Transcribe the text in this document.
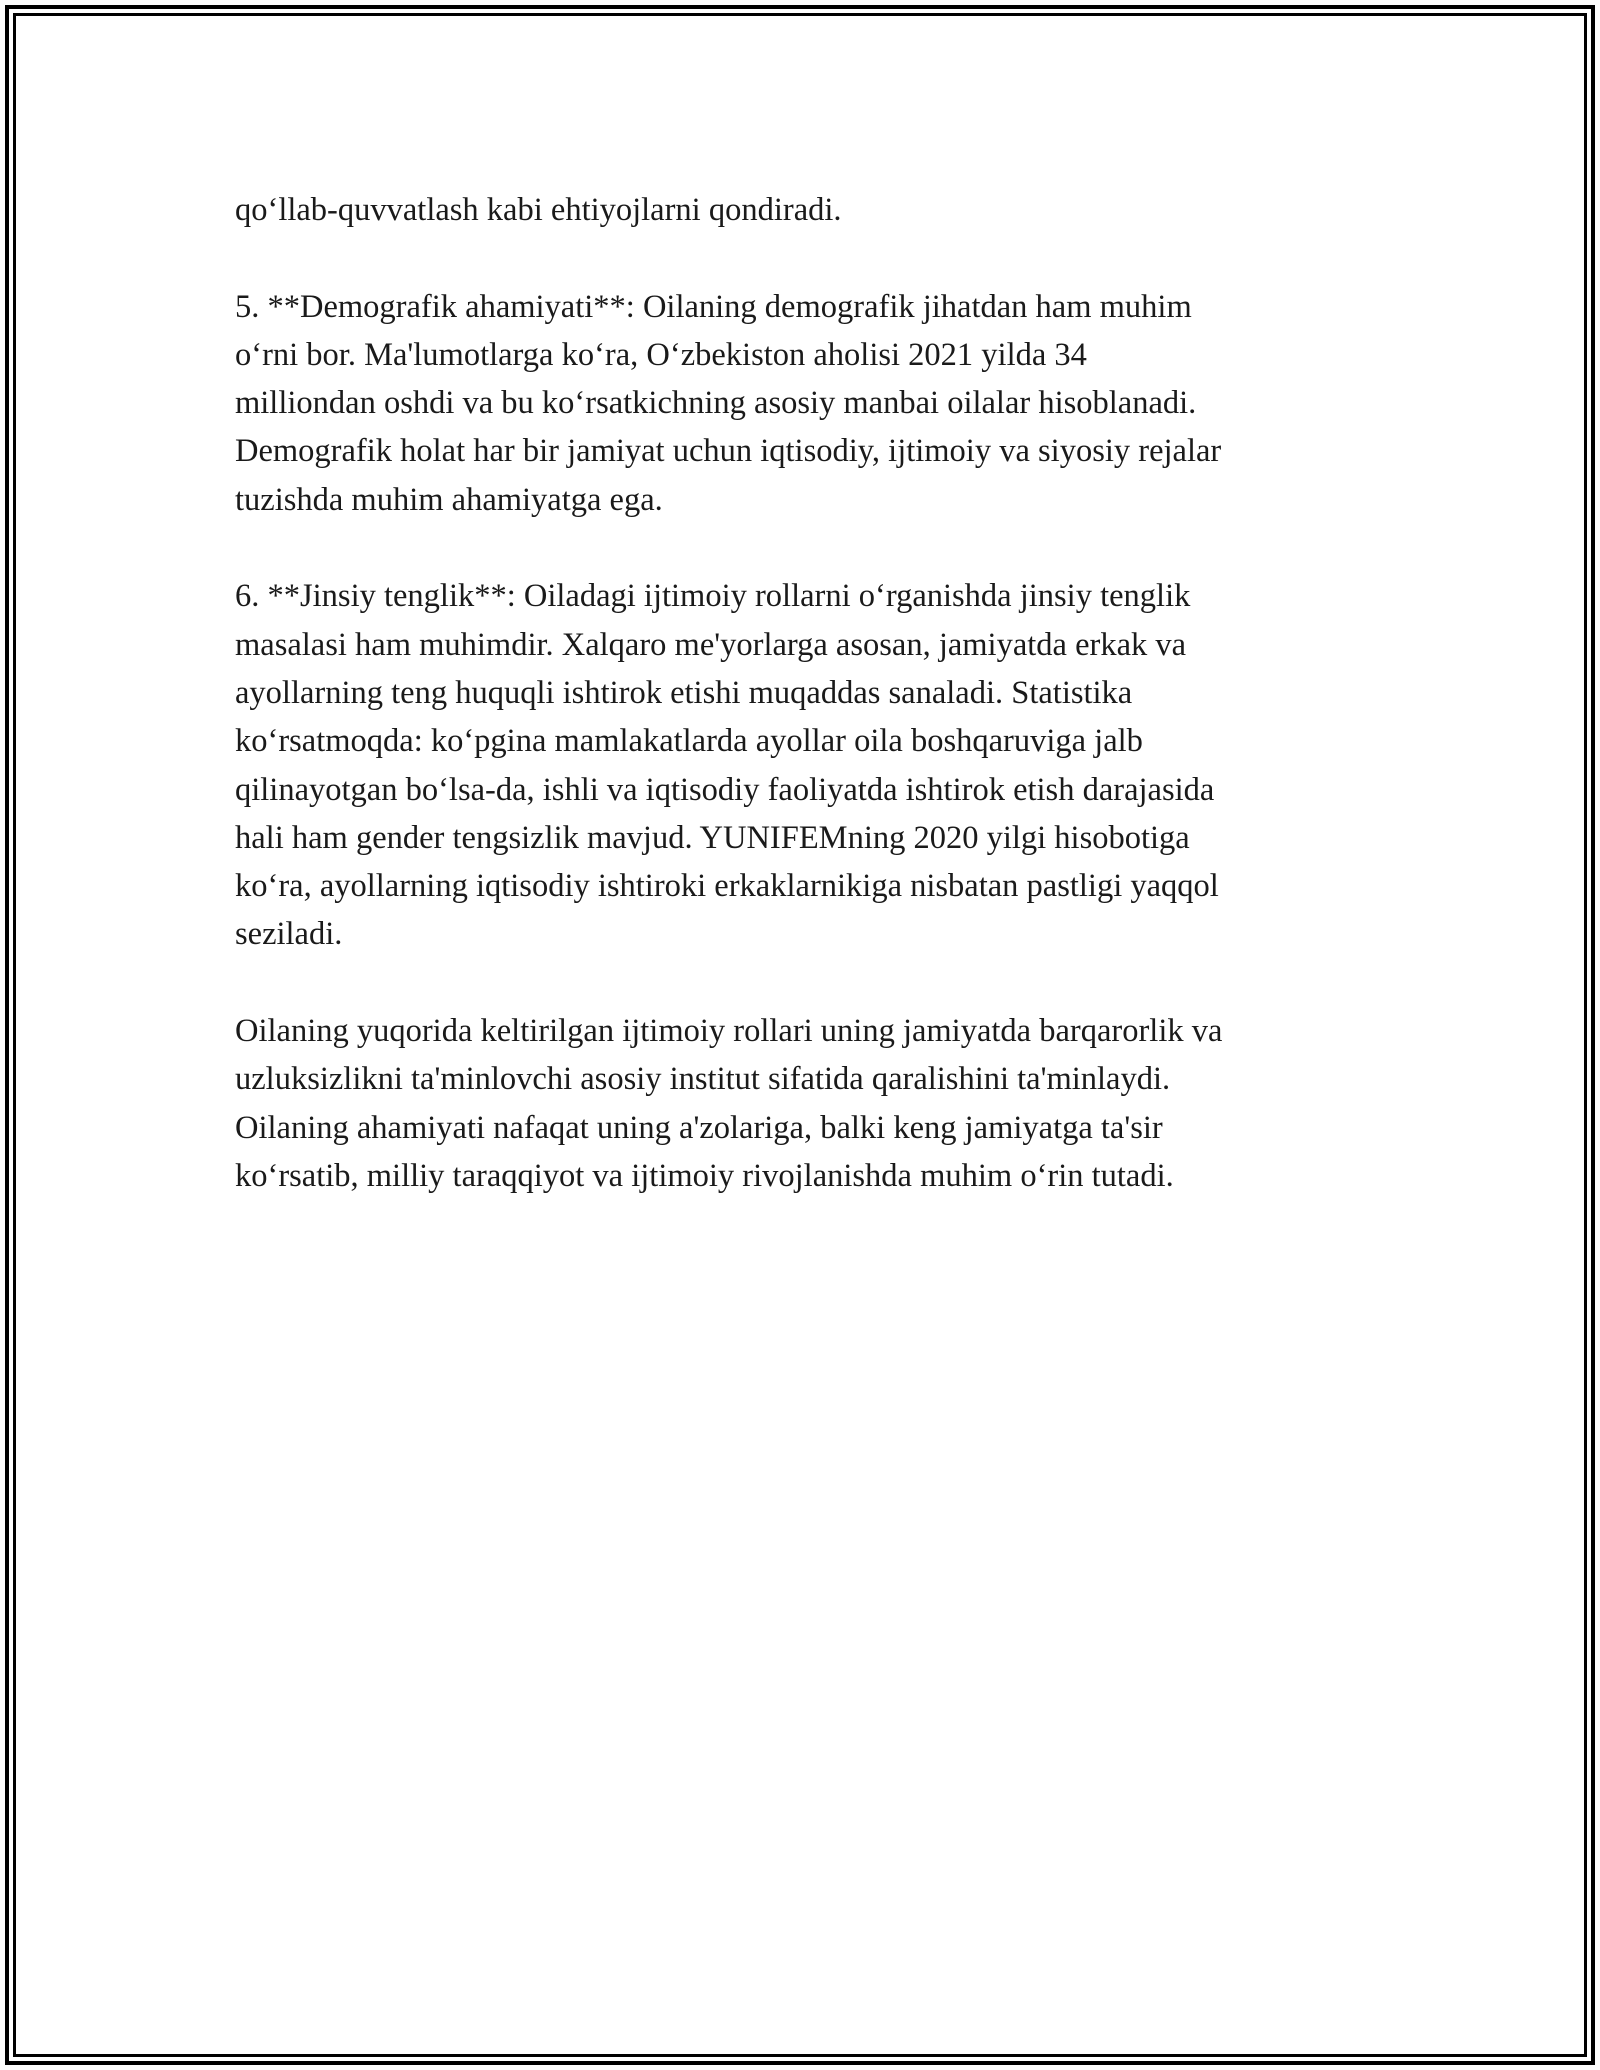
qo‘llab-quvvatlash kabi ehtiyojlarni qondiradi.

5. **Demografik ahamiyati**: Oilaning demografik jihatdan ham muhim
o‘rni bor. Ma'lumotlarga ko‘ra, O‘zbekiston aholisi 2021 yilda 34
milliondan oshdi va bu ko‘rsatkichning asosiy manbai oilalar hisoblanadi.
Demografik holat har bir jamiyat uchun iqtisodiy, ijtimoiy va siyosiy rejalar
tuzishda muhim ahamiyatga ega.

6. **Jinsiy tenglik**: Oiladagi ijtimoiy rollarni o‘rganishda jinsiy tenglik
masalasi ham muhimdir. Xalqaro me'yorlarga asosan, jamiyatda erkak va
ayollarning teng huquqli ishtirok etishi muqaddas sanaladi. Statistika
ko‘rsatmoqda: ko‘pgina mamlakatlarda ayollar oila boshqaruviga jalb
qilinayotgan bo‘lsa-da, ishli va iqtisodiy faoliyatda ishtirok etish darajasida
hali ham gender tengsizlik mavjud. YUNIFEMning 2020 yilgi hisobotiga
ko‘ra, ayollarning iqtisodiy ishtiroki erkaklarnikiga nisbatan pastligi yaqqol
seziladi.

Oilaning yuqorida keltirilgan ijtimoiy rollari uning jamiyatda barqarorlik va
uzluksizlikni ta'minlovchi asosiy institut sifatida qaralishini ta'minlaydi.
Oilaning ahamiyati nafaqat uning a'zolariga, balki keng jamiyatga ta'sir
ko‘rsatib, milliy taraqqiyot va ijtimoiy rivojlanishda muhim o‘rin tutadi.
